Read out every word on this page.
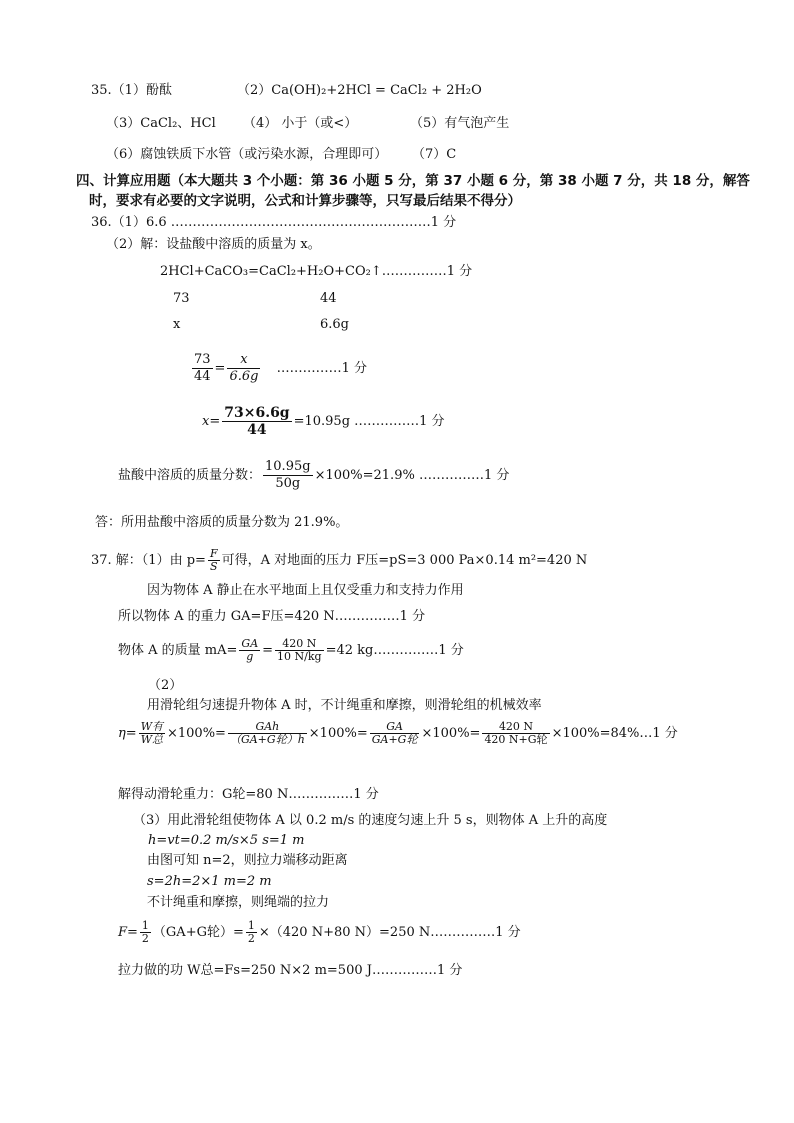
35.（1）酚酞	（2）Ca(OH)₂+2HCl = CaCl₂ + 2H₂O
（3）CaCl₂、HCl （4） 小于（或<）	（5）有气泡产生
（6）腐蚀铁质下水管（或污染水源，合理即可） （7）C
四、计算应用题（本大题共 3 个小题：第 36 小题 5 分，第 37 小题 6 分，第 38 小题 7 分，共 18 分，解答
时，要求有必要的文字说明，公式和计算步骤等，只写最后结果不得分）
36.（1）6.6 ……………………………………………………1 分
（2）解：设盐酸中溶质的质量为 x。
2HCl+CaCO₃=CaCl₂+H₂O+CO₂↑……………1 分
73	44
x	6.6g
$\frac{73}{44} = \frac{x}{6.6g}$ ……………1 分
$x= \frac{73\times 6.6g}{44} =10.95g$ ……………1 分
盐酸中溶质的质量分数： $\frac{10.95g}{50g} \times 100\%=21.9\%$ ……………1 分
答：所用盐酸中溶质的质量分数为 21.9%。
37. 解：（1）由 $p= \frac{F}{S}$ 可得，A 对地面的压力 F压=pS=3 000 Pa×0.14 m²=420 N
因为物体 A 静止在水平地面上且仅受重力和支持力作用
所以物体 A 的重力 GA=F压=420 N……………1 分
物体 A 的质量 $mA= \frac{GA}{g} = \frac{420 N}{10 N/kg} =42$ kg……………1 分
（2）
用滑轮组匀速提升物体 A 时，不计绳重和摩擦，则滑轮组的机械效率
$\eta= \frac{\text{W有}}{\text{W总}} \times 100\%= \frac{\text{GAh}}{\text{（GA+G轮）h}} \times 100\%= \frac{GA}{\text{GA+G轮}} \times 100\%= \frac{420 N}{\text{420 N+G轮}}$ ×100%=84%…1 分
解得动滑轮重力：G轮=80 N……………1 分
（3）用此滑轮组使物体 A 以 0.2 m/s 的速度匀速上升 5 s，则物体 A 上升的高度
h=vt=0.2 m/s×5 s=1 m
由图可知 n=2，则拉力端移动距离
s=2h=2×1 m=2 m
不计绳重和摩擦，则绳端的拉力
$F= \frac{1}{2} (GA+G$轮）= $\frac{1}{2} \times(420$ N+80 N）=250 N……………1 分
拉力做的功 W总=Fs=250 N×2 m=500 J……………1 分
